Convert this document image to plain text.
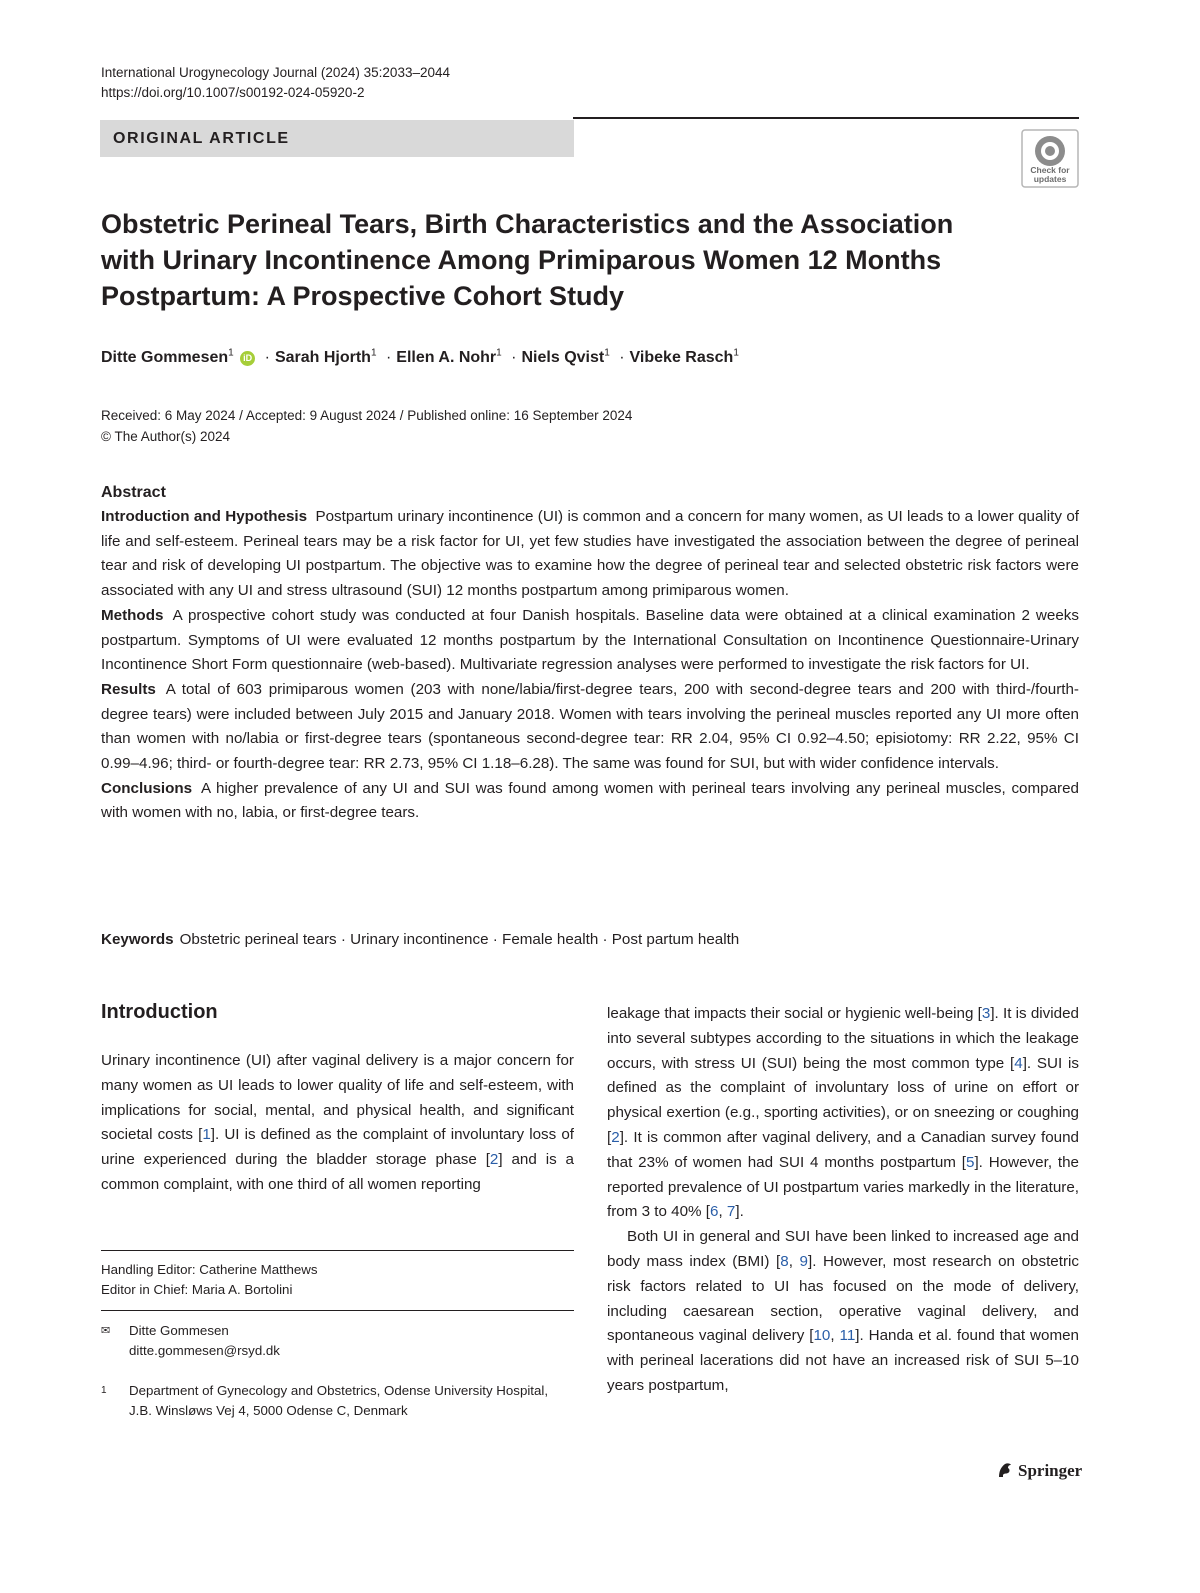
International Urogynecology Journal (2024) 35:2033–2044
https://doi.org/10.1007/s00192-024-05920-2
ORIGINAL ARTICLE
Check for
updates
Obstetric Perineal Tears, Birth Characteristics and the Association with Urinary Incontinence Among Primiparous Women 12 Months Postpartum: A Prospective Cohort Study
Ditte Gommesen$^1$ iD · Sarah Hjorth$^1$ · Ellen A. Nohr$^1$ · Niels Qvist$^1$ · Vibeke Rasch$^1$
Received: 6 May 2024 / Accepted: 9 August 2024 / Published online: 16 September 2024
© The Author(s) 2024
Abstract

Introduction and Hypothesis Postpartum urinary incontinence (UI) is common and a concern for many women, as UI leads to a lower quality of life and self-esteem. Perineal tears may be a risk factor for UI, yet few studies have investigated the association between the degree of perineal tear and risk of developing UI postpartum. The objective was to examine how the degree of perineal tear and selected obstetric risk factors were associated with any UI and stress ultrasound (SUI) 12 months postpartum among primiparous women.

Methods A prospective cohort study was conducted at four Danish hospitals. Baseline data were obtained at a clinical examination 2 weeks postpartum. Symptoms of UI were evaluated 12 months postpartum by the International Consultation on Incontinence Questionnaire-Urinary Incontinence Short Form questionnaire (web-based). Multivariate regression analyses were performed to investigate the risk factors for UI.

Results A total of 603 primiparous women (203 with none/labia/first-degree tears, 200 with second-degree tears and 200 with third-/fourth-degree tears) were included between July 2015 and January 2018. Women with tears involving the perineal muscles reported any UI more often than women with no/labia or first-degree tears (spontaneous second-degree tear: RR 2.04, 95% CI 0.92–4.50; episiotomy: RR 2.22, 95% CI 0.99–4.96; third- or fourth-degree tear: RR 2.73, 95% CI 1.18–6.28). The same was found for SUI, but with wider confidence intervals.

Conclusions A higher prevalence of any UI and SUI was found among women with perineal tears involving any perineal muscles, compared with women with no, labia, or first-degree tears.

Keywords Obstetric perineal tears · Urinary incontinence · Female health · Post partum health
Introduction

Urinary incontinence (UI) after vaginal delivery is a major concern for many women as UI leads to lower quality of life and self-esteem, with implications for social, mental, and physical health, and significant societal costs [1]. UI is defined as the complaint of involuntary loss of urine experienced during the bladder storage phase [2] and is a common complaint, with one third of all women reporting

leakage that impacts their social or hygienic well-being [3]. It is divided into several subtypes according to the situations in which the leakage occurs, with stress UI (SUI) being the most common type [4]. SUI is defined as the complaint of involuntary loss of urine on effort or physical exertion (e.g., sporting activities), or on sneezing or coughing [2]. It is common after vaginal delivery, and a Canadian survey found that 23% of women had SUI 4 months postpartum [5]. However, the reported prevalence of UI postpartum varies markedly in the literature, from 3 to 40% [6, 7].

Both UI in general and SUI have been linked to increased age and body mass index (BMI) [8, 9]. However, most research on obstetric risk factors related to UI has focused on the mode of delivery, including caesarean section, operative vaginal delivery, and spontaneous vaginal delivery [10, 11]. Handa et al. found that women with perineal lacerations did not have an increased risk of SUI 5–10 years postpartum,

Handling Editor: Catherine Matthews
Editor in Chief: Maria A. Bortolini
✉	Ditte Gommesen
ditte.gommesen@rsyd.dk
1	Department of Gynecology and Obstetrics, Odense University Hospital, J.B. Winsløws Vej 4, 5000 Odense C, Denmark
Springer
